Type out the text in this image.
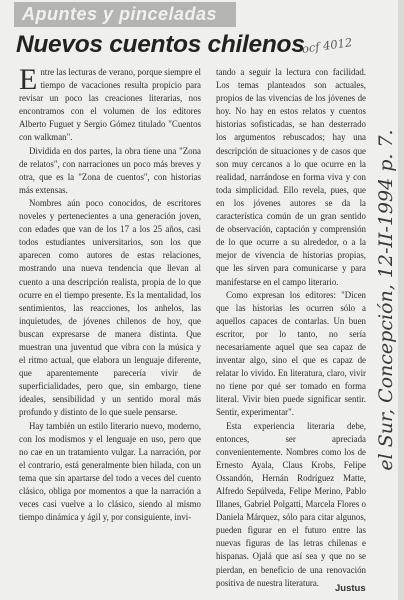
Apuntes y pinceladas
Nuevos cuentos chilenos
ocf 4012

Entre las lecturas de verano, porque siempre el tiempo de vacaciones resulta propicio para revisar un poco las creaciones literarias, nos encontramos con el volumen de los editores Alberto Fuguet y Sergio Gómez titulado "Cuentos con walkman".

Dividida en dos partes, la obra tiene una "Zona de relatos", con narraciones un poco más breves y otra, que es la "Zona de cuentos", con historias más extensas.

Nombres aún poco conocidos, de escritores noveles y pertenecientes a una generación joven, con edades que van de los 17 a los 25 años, casi todos estudiantes universitarios, son los que aparecen como autores de estas relaciones, mostrando una nueva tendencia que llevan al cuento a una descripción realista, propia de lo que ocurre en el tiempo presente. Es la mentalidad, los sentimientos, las reacciones, los anhelos, las inquietudes, de jóvenes chilenos de hoy, que buscan expresarse de manera distinta. Que muestran una juventud que vibra con la música y el ritmo actual, que elabora un lenguaje diferente, que aparentemente parecería vivir de superficialidades, pero que, sin embargo, tiene ideales, sensibilidad y un sentido moral más profundo y distinto de lo que suele pensarse.

Hay también un estilo literario nuevo, moderno, con los modismos y el lenguaje en uso, pero que no cae en un tratamiento vulgar. La narración, por el contrario, está generalmente bien hilada, con un tema que sin apartarse del todo a veces del cuento clásico, obliga por momentos a que la narración a veces casi vuelve a lo clásico, siendo al mismo tiempo dinámica y ágil y, por consiguiente, invi-

tando a seguir la lectura con facilidad. Los temas planteados son actuales, propios de las vivencias de los jóvenes de hoy. No hay en estos relatos y cuentos historias sofisticadas, se han desterrado los argumentos rebuscados; hay una descripción de situaciones y de casos que son muy cercanos a lo que ocurre en la realidad, narrándose en forma viva y con toda simplicidad. Ello revela, pues, que en los jóvenes autores se da la característica común de un gran sentido de observación, captación y comprensión de lo que ocurre a su alrededor, o a la mejor de vivencia de historias propias, que les sirven para comunicarse y para manifestarse en el campo literario.

Como expresan los editores: "Dicen que las historias les ocurren sólo a aquellos capaces de contarlas. Un buen escritor, por lo tanto, no sería necesariamente aquel que sea capaz de inventar algo, sino el que es capaz de relatar lo vivido. En literatura, claro, vivir no tiene por qué ser tomado en forma literal. Vivir bien puede significar sentir. Sentir, experimentar".

Esta experiencia literaria debe, entonces, ser apreciada convenientemente. Nombres como los de Ernesto Ayala, Claus Krobs, Felipe Ossandón, Hernán Rodríguez Matte, Alfredo Sepúlveda, Felipe Merino, Pablo Illanes, Gabriel Polgatti, Marcela Flores o Daniela Márquez, sólo para citar algunos, pueden figurar en el futuro entre las nuevas figuras de las letras chilenas e hispanas. Ojalá que así sea y que no se pierdan, en beneficio de una renovación positiva de nuestra literatura.

Justus
el Sur, Concepción, 12-II-1994 p. 7.
